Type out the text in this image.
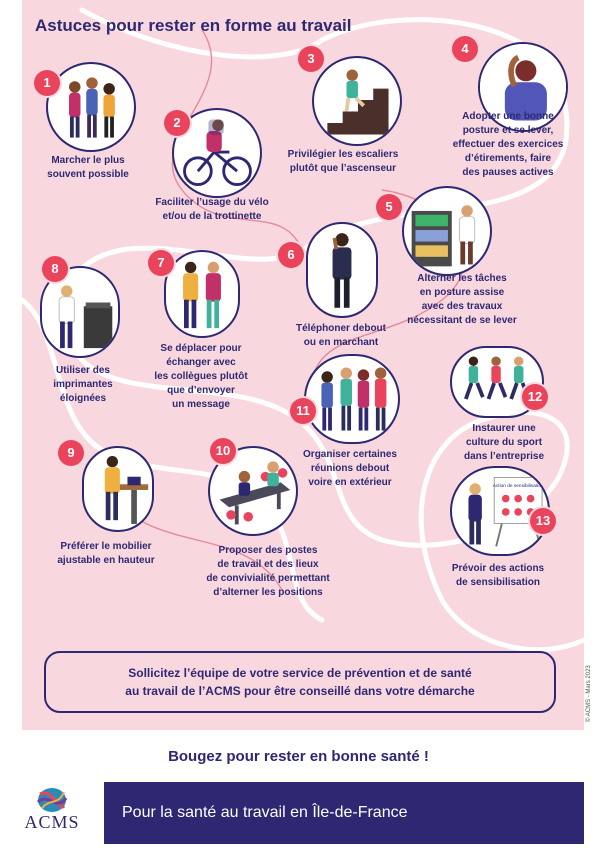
Astuces pour rester en forme au travail
1
Marcher le plus
souvent possible
2
Faciliter l’usage du vélo
et/ou de la trottinette
3
Privilégier les escaliers
plutôt que l’ascenseur
4
Adopter une bonne
posture et se lever,
effectuer des exercices
d’étirements, faire
des pauses actives
5
Alterner les tâches
en posture assise
avec des travaux
nécessitant de se lever
6
Téléphoner debout
ou en marchant
7
Se déplacer pour
échanger avec
les collègues plutôt
que d’envoyer
un message
8
Utiliser des
imprimantes
éloignées
9
Préférer le mobilier
ajustable en hauteur
10
Proposer des postes
de travail et des lieux
de convivialité permettant
d’alterner les positions
11
Organiser certaines
réunions debout
voire en extérieur
12
Instaurer une
culture du sport
dans l’entreprise
Action de sensibilisation
13
Prévoir des actions
de sensibilisation
Sollicitez l’équipe de votre service de prévention et de santé
au travail de l’ACMS pour être conseillé dans votre démarche	© ACMS - Mars 2023
Bougez pour rester en bonne santé !
ACMS	Pour la santé au travail en Île-de-France
